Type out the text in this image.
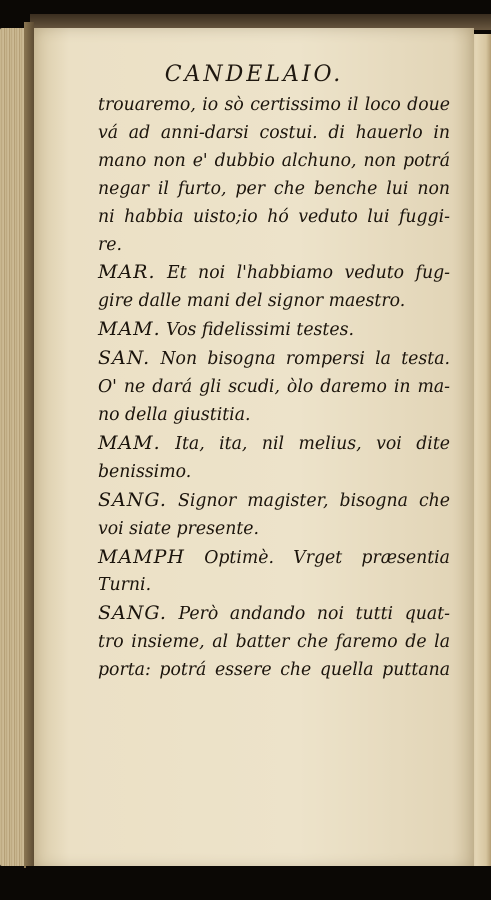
CANDELAIO.
trouaremo, io sò certissimo il loco doue
vá ad anni-darsi costui. di hauerlo in
mano non e' dubbio alchuno, non potrá
negar il furto, per che benche lui non
ni habbia uisto;io hó veduto lui fuggi-
re.
MAR. Et noi l'habbiamo veduto fug-
gire dalle mani del signor maestro.
MAM. Vos fidelissimi testes.
SAN. Non bisogna rompersi la testa.
O' ne dará gli scudi, òlo daremo in ma-
no della giustitia.
MAM. Ita, ita, nil melius, voi dite
benissimo.
SANG. Signor magister, bisogna che
voi siate presente.
MAMPH Optimè. Vrget præsentia
Turni.
SANG. Però andando noi tutti quat-
tro insieme, al batter che faremo de la
porta: potrá essere che quella puttana
